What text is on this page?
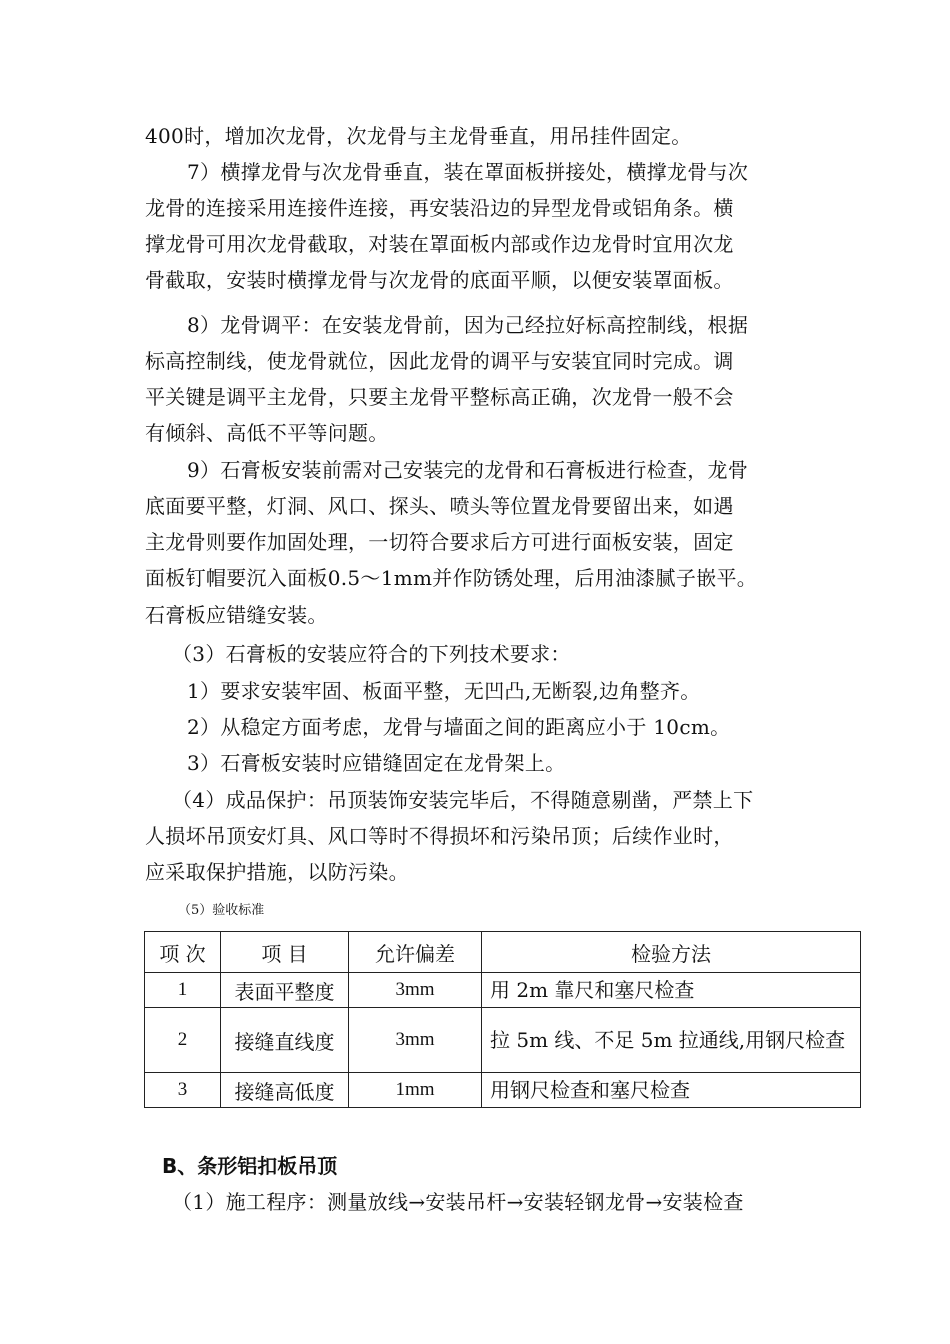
400时，增加次龙骨，次龙骨与主龙骨垂直，用吊挂件固定。
7）横撑龙骨与次龙骨垂直，装在罩面板拼接处，横撑龙骨与次
龙骨的连接采用连接件连接，再安装沿边的异型龙骨或铝角条。横
撑龙骨可用次龙骨截取，对装在罩面板内部或作边龙骨时宜用次龙
骨截取，安装时横撑龙骨与次龙骨的底面平顺，以便安装罩面板。
8）龙骨调平：在安装龙骨前，因为己经拉好标高控制线，根据
标高控制线，使龙骨就位，因此龙骨的调平与安装宜同时完成。调
平关键是调平主龙骨，只要主龙骨平整标高正确，次龙骨一般不会
有倾斜、高低不平等问题。
9）石膏板安装前需对己安装完的龙骨和石膏板进行检查，龙骨
底面要平整，灯洞、风口、探头、喷头等位置龙骨要留出来，如遇
主龙骨则要作加固处理，一切符合要求后方可进行面板安装，固定
面板钉帽要沉入面板0.5～1mm并作防锈处理，后用油漆腻子嵌平。
石膏板应错缝安装。
（3）石膏板的安装应符合的下列技术要求：
1）要求安装牢固、板面平整，无凹凸,无断裂,边角整齐。
2）从稳定方面考虑，龙骨与墙面之间的距离应小于 10cm。
3）石膏板安装时应错缝固定在龙骨架上。
（4）成品保护：吊顶装饰安装完毕后，不得随意剔凿，严禁上下
人损坏吊顶安灯具、风口等时不得损坏和污染吊顶；后续作业时，
应采取保护措施，以防污染。
（5）验收标准
项 次	项 目	允许偏差	检验方法
1	表面平整度	3mm	用 2m 靠尺和塞尺检查
2	接缝直线度	3mm	拉 5m 线、不足 5m 拉通线,用钢尺检查
3	接缝高低度	1mm	用钢尺检查和塞尺检查
B、条形铝扣板吊顶
（1）施工程序：测量放线→安装吊杆→安装轻钢龙骨→安装检查
